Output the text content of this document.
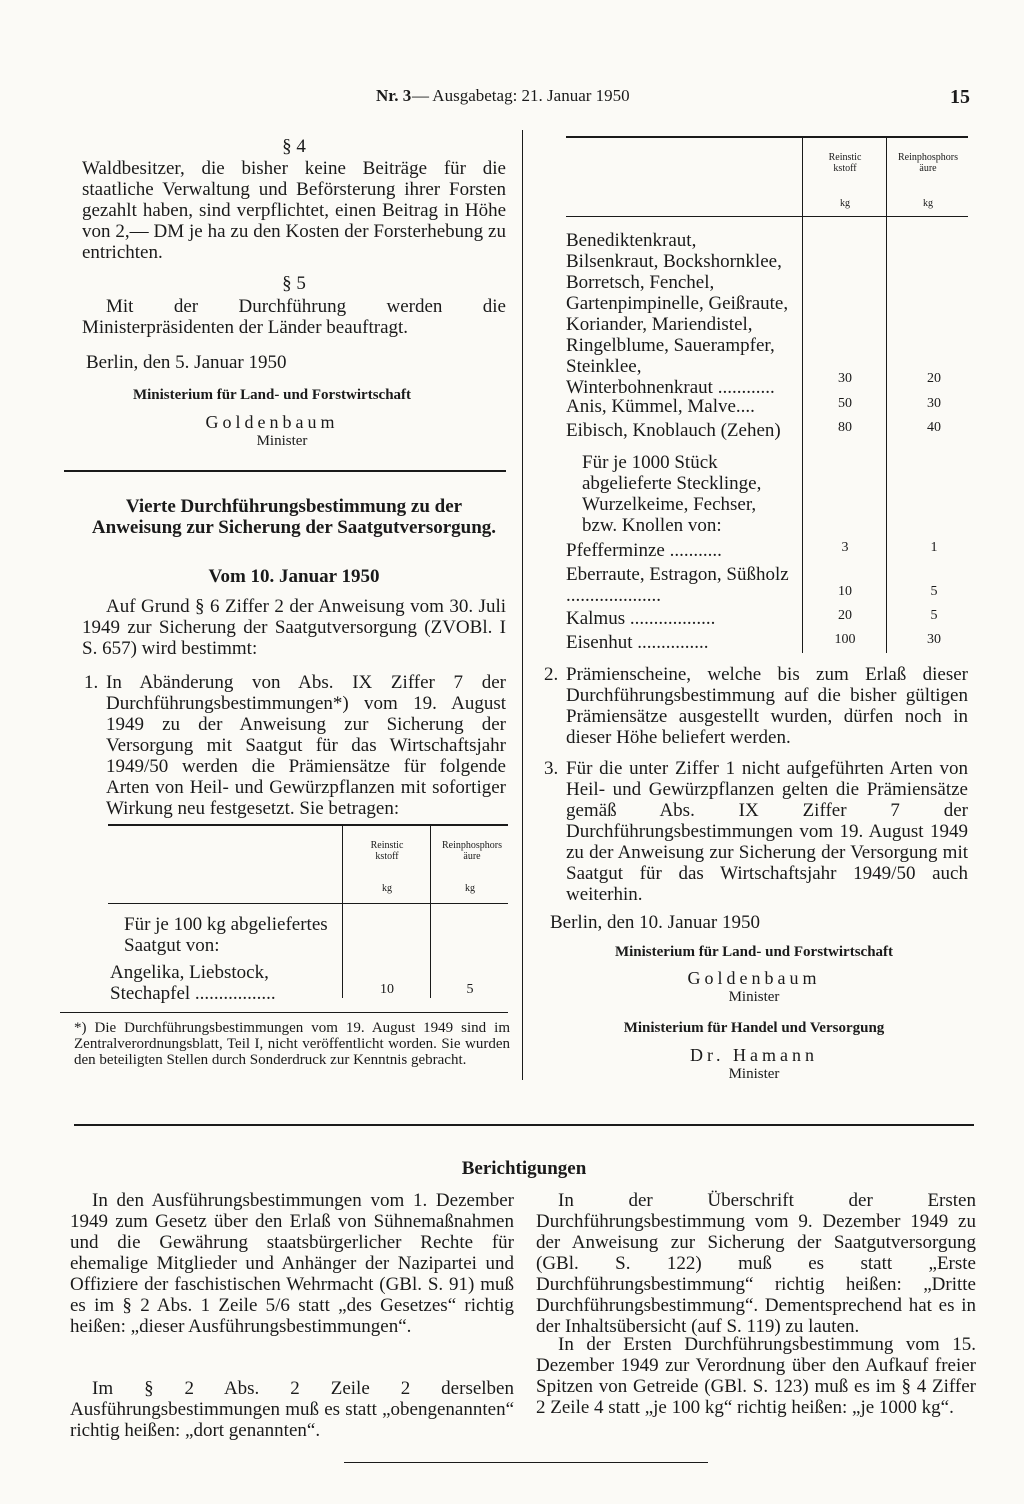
Nr. 3 — Ausgabetag: 21. Januar 1950	15
§ 4
Waldbesitzer, die bisher keine Beiträge für die staatliche Verwaltung und Beförsterung ihrer Forsten gezahlt haben, sind verpflichtet, einen Beitrag in Höhe von 2,— DM je ha zu den Kosten der Forsterhebung zu entrichten.
§ 5
Mit der Durchführung werden die Ministerpräsidenten der Länder beauftragt.
Berlin, den 5. Januar 1950
Ministerium für Land- und Forstwirtschaft
Goldenbaum
Minister
Vierte Durchführungsbestimmung zu der Anweisung zur Sicherung der Saatgutversorgung.
Vom 10. Januar 1950
Auf Grund § 6 Ziffer 2 der Anweisung vom 30. Juli 1949 zur Sicherung der Saatgutversorgung (ZVOBl. I S. 657) wird bestimmt:
1. In Abänderung von Abs. IX Ziffer 7 der Durchführungsbestimmungen*) vom 19. August 1949 zu der Anweisung zur Sicherung der Versorgung mit Saatgut für das Wirtschaftsjahr 1949/50 werden die Prämiensätze für folgende Arten von Heil- und Gewürzpflanzen mit sofortiger Wirkung neu festgesetzt. Sie betragen:
Reinstickstoff
Reinphosphorsäure
kg	kg
Für je 100 kg abgeliefertes Saatgut von:
Angelika, Liebstock, Stechapfel .................	10	5
*) Die Durchführungsbestimmungen vom 19. August 1949 sind im Zentralverordnungsblatt, Teil I, nicht veröffentlicht worden. Sie wurden den beteiligten Stellen durch Sonderdruck zur Kenntnis gebracht.
Reinstickstoff
Reinphosphorsäure
kg	kg
Benediktenkraut, Bilsenkraut, Bockshornklee, Borretsch, Fenchel, Gartenpimpinelle, Geißraute, Koriander, Mariendistel, Ringelblume, Sauerampfer, Steinklee, Winterbohnenkraut ............	30	20
Anis, Kümmel, Malve....	50	30
Eibisch, Knoblauch (Zehen)	80	40
Für je 1000 Stück abgelieferte Stecklinge, Wurzelkeime, Fechser, bzw. Knollen von:
Pfefferminze ...........	3	1
Eberraute, Estragon, Süßholz ....................	10	5
Kalmus ..................	20	5
Eisenhut ...............	100	30
2. Prämienscheine, welche bis zum Erlaß dieser Durchführungsbestimmung auf die bisher gültigen Prämiensätze ausgestellt wurden, dürfen noch in dieser Höhe beliefert werden.
3. Für die unter Ziffer 1 nicht aufgeführten Arten von Heil- und Gewürzpflanzen gelten die Prämiensätze gemäß Abs. IX Ziffer 7 der Durchführungsbestimmungen vom 19. August 1949 zu der Anweisung zur Sicherung der Versorgung mit Saatgut für das Wirtschaftsjahr 1949/50 auch weiterhin.
Berlin, den 10. Januar 1950
Ministerium für Land- und Forstwirtschaft
Goldenbaum
Minister
Ministerium für Handel und Versorgung
Dr. Hamann
Minister
Berichtigungen
In den Ausführungsbestimmungen vom 1. Dezember 1949 zum Gesetz über den Erlaß von Sühnemaßnahmen und die Gewährung staatsbürgerlicher Rechte für ehemalige Mitglieder und Anhänger der Nazipartei und Offiziere der faschistischen Wehrmacht (GBl. S. 91) muß es im § 2 Abs. 1 Zeile 5/6 statt „des Gesetzes“ richtig heißen: „dieser Ausführungsbestimmungen“.
Im § 2 Abs. 2 Zeile 2 derselben Ausführungsbestimmungen muß es statt „obengenannten“ richtig heißen: „dort genannten“.
In der Überschrift der Ersten Durchführungsbestimmung vom 9. Dezember 1949 zu der Anweisung zur Sicherung der Saatgutversorgung (GBl. S. 122) muß es statt „Erste Durchführungsbestimmung“ richtig heißen: „Dritte Durchführungsbestimmung“. Dementsprechend hat es in der Inhaltsübersicht (auf S. 119) zu lauten.
In der Ersten Durchführungsbestimmung vom 15. Dezember 1949 zur Verordnung über den Aufkauf freier Spitzen von Getreide (GBl. S. 123) muß es im § 4 Ziffer 2 Zeile 4 statt „je 100 kg“ richtig heißen: „je 1000 kg“.
